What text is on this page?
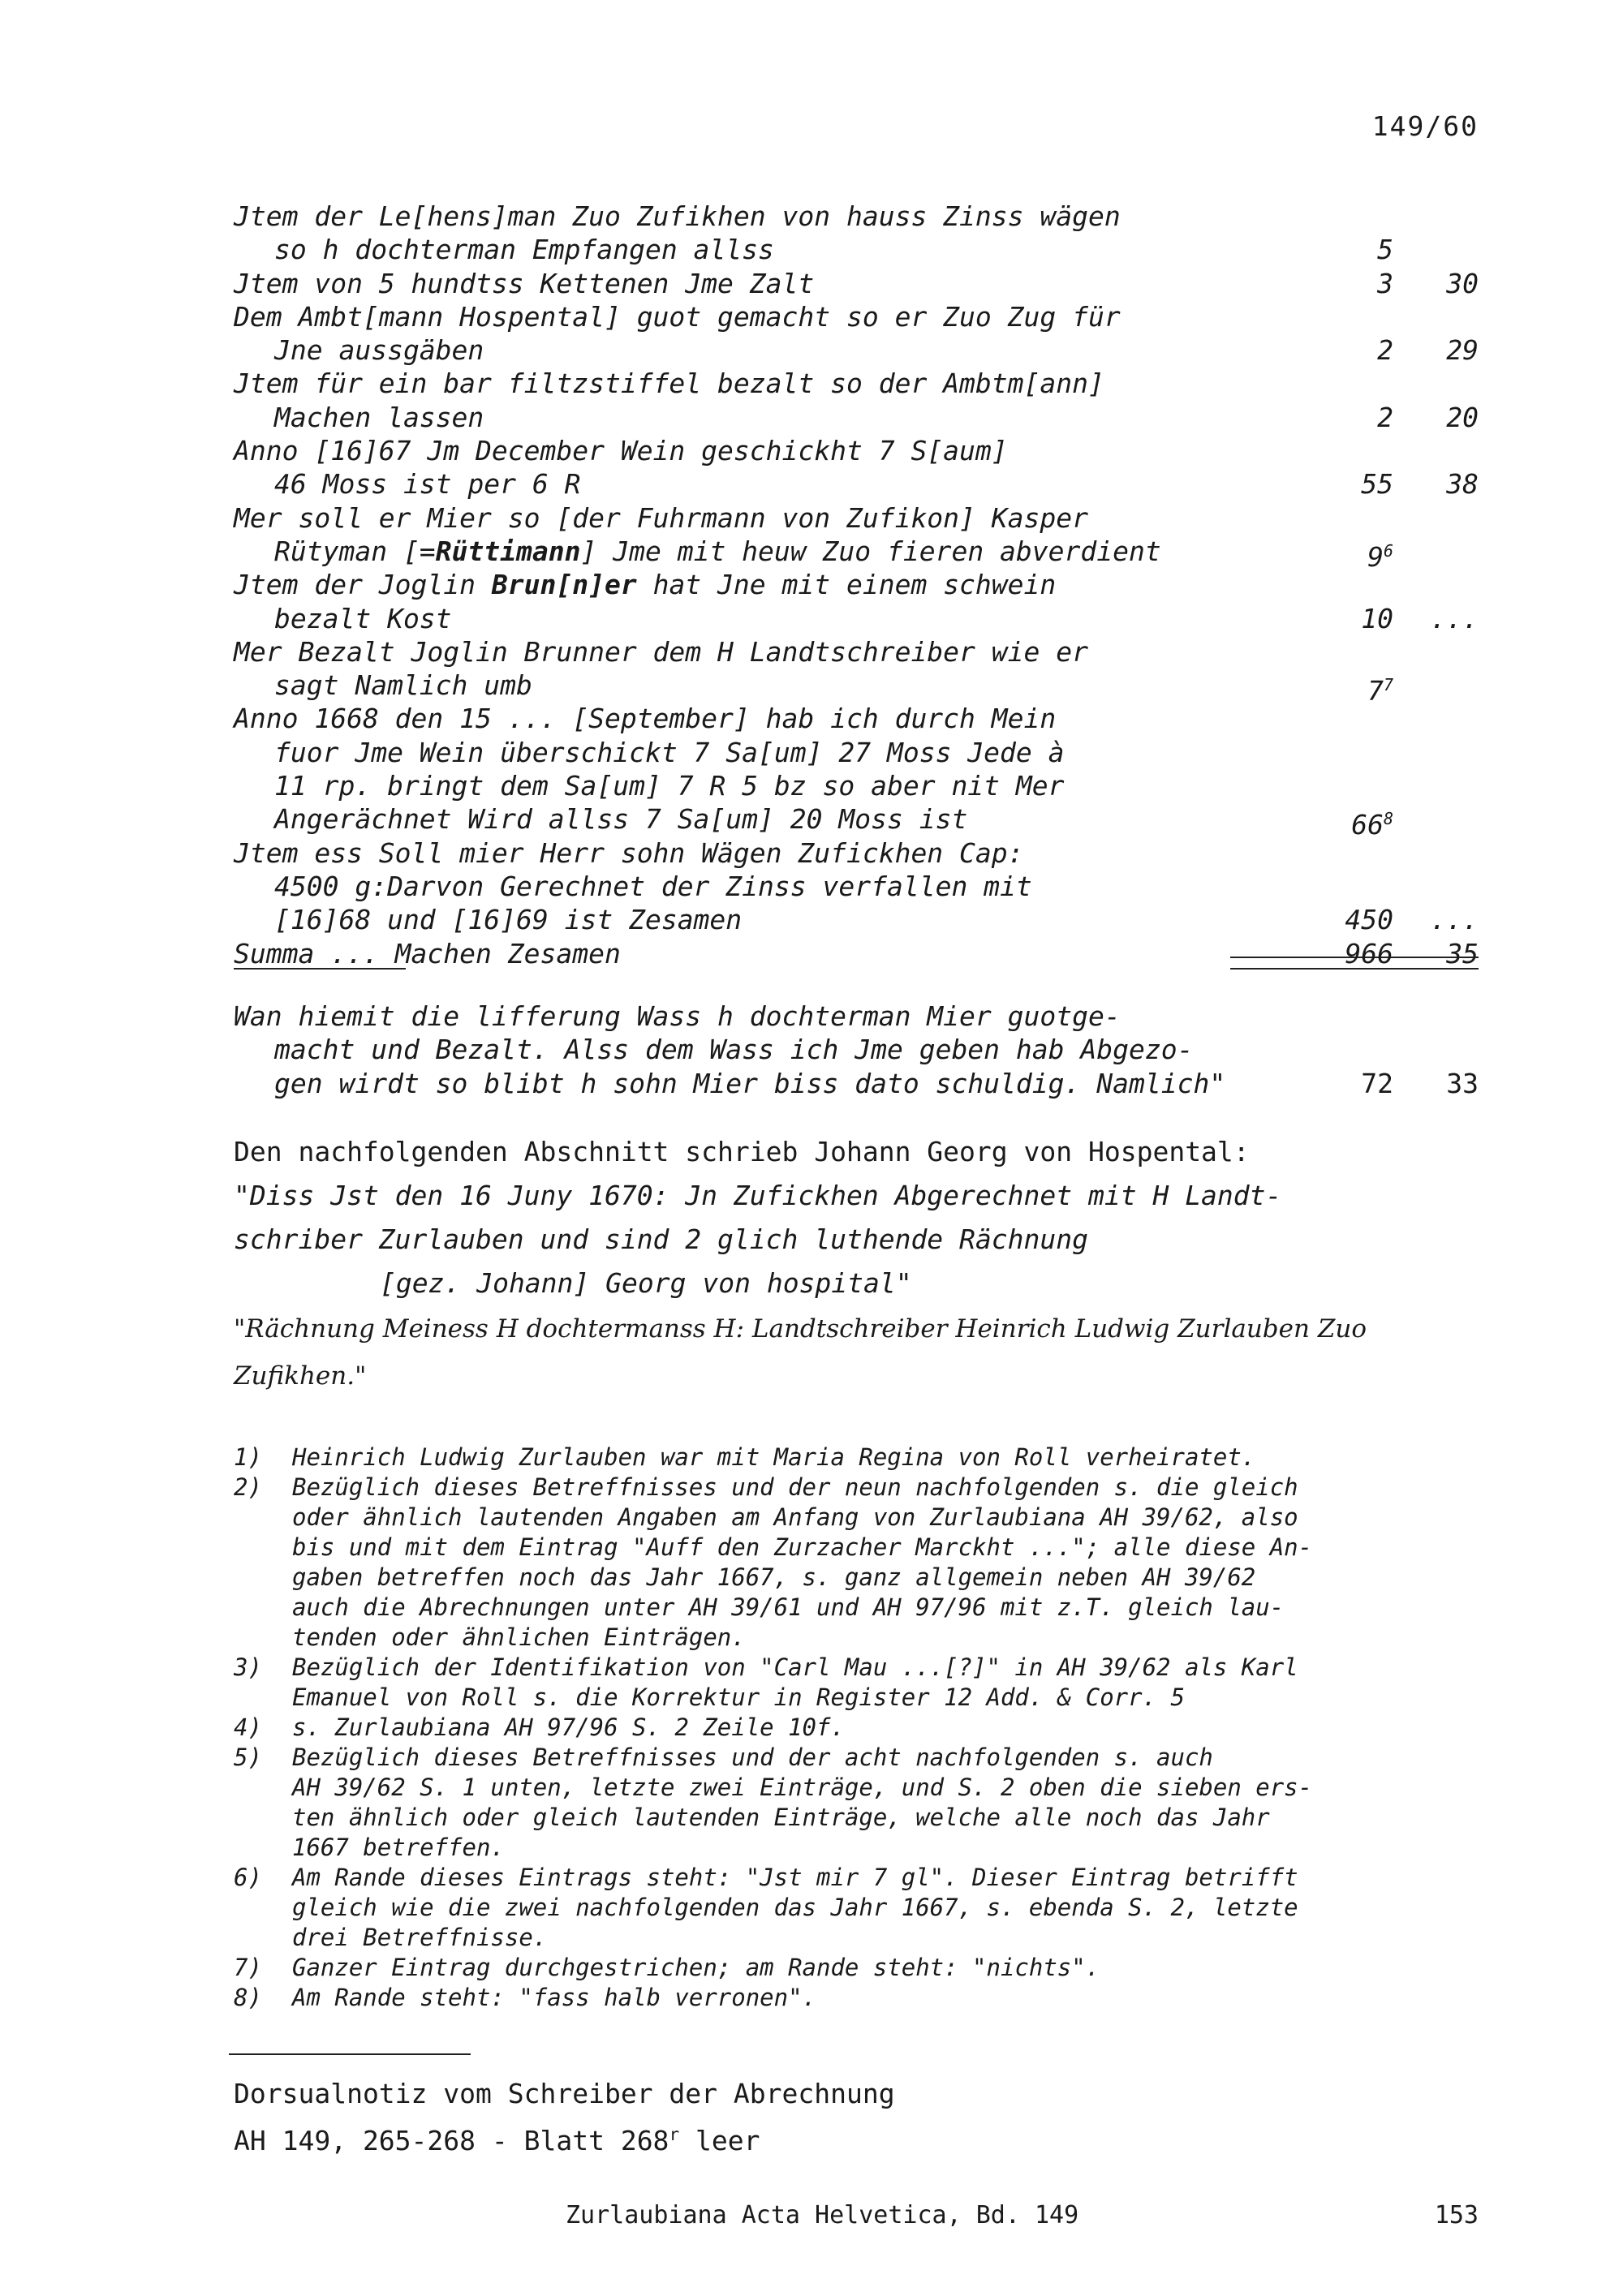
149/60
Jtem der Le[hens]man Zuo Zufikhen von hauss Zinss wägen
so h dochterman Empfangen allss	5
Jtem von 5 hundtss Kettenen Jme Zalt	3 30
Dem Ambt[mann Hospental] guot gemacht so er Zuo Zug für
Jne aussgäben	2 29
Jtem für ein bar filtzstiffel bezalt so der Ambtm[ann]
Machen lassen	2 20
Anno [16]67 Jm December Wein geschickht 7 S[aum]
46 Moss ist per 6 R	55 38
Mer soll er Mier so [der Fuhrmann von Zufikon] Kasper
Rütyman [=Rüttimann] Jme mit heuw Zuo fieren abverdient	$9^6$
Jtem der Joglin Brun[n]er hat Jne mit einem schwein
bezalt Kost	10 ...
Mer Bezalt Joglin Brunner dem H Landtschreiber wie er
sagt Namlich umb	$7^7$
Anno 1668 den 15 ... [September] hab ich durch Mein
fuor Jme Wein überschickt 7 Sa[um] 27 Moss Jede à
11 rp. bringt dem Sa[um] 7 R 5 bz so aber nit Mer
Angerächnet Wird allss 7 Sa[um] 20 Moss ist	$66^8$
Jtem ess Soll mier Herr sohn Wägen Zufickhen Cap:
4500 g:Darvon Gerechnet der Zinss verfallen mit
[16]68 und [16]69 ist Zesamen	450 ...
Summa ... Machen Zesamen	966 35
Wan hiemit die lifferung Wass h dochterman Mier guotge-
macht und Bezalt. Alss dem Wass ich Jme geben hab Abgezo-
gen wirdt so blibt h sohn Mier biss dato schuldig. Namlich"	72 33
Den nachfolgenden Abschnitt schrieb Johann Georg von Hospental:
"Diss Jst den 16 Juny 1670: Jn Zufickhen Abgerechnet mit H Landt-
schriber Zurlauben und sind 2 glich luthende Rächnung
[gez. Johann] Georg von hospital"
"Rächnung Meiness H dochtermanss H: Landtschreiber Heinrich Ludwig Zurlauben Zuo
Zufikhen."
1)	Heinrich Ludwig Zurlauben war mit Maria Regina von Roll verheiratet.
2)	Bezüglich dieses Betreffnisses und der neun nachfolgenden s. die gleich
oder ähnlich lautenden Angaben am Anfang von Zurlaubiana AH 39/62, also
bis und mit dem Eintrag "Auff den Zurzacher Marckht ..."; alle diese An-
gaben betreffen noch das Jahr 1667, s. ganz allgemein neben AH 39/62
auch die Abrechnungen unter AH 39/61 und AH 97/96 mit z.T. gleich lau-
tenden oder ähnlichen Einträgen.
3)	Bezüglich der Identifikation von "Carl Mau ...[?]" in AH 39/62 als Karl
Emanuel von Roll s. die Korrektur in Register 12 Add. & Corr. 5
4)	s. Zurlaubiana AH 97/96 S. 2 Zeile 10f.
5)	Bezüglich dieses Betreffnisses und der acht nachfolgenden s. auch
AH 39/62 S. 1 unten, letzte zwei Einträge, und S. 2 oben die sieben ers-
ten ähnlich oder gleich lautenden Einträge, welche alle noch das Jahr
1667 betreffen.
6)	Am Rande dieses Eintrags steht: "Jst mir 7 gl". Dieser Eintrag betrifft
gleich wie die zwei nachfolgenden das Jahr 1667, s. ebenda S. 2, letzte
drei Betreffnisse.
7)	Ganzer Eintrag durchgestrichen; am Rande steht: "nichts".
8)	Am Rande steht: "fass halb verronen".
Dorsualnotiz vom Schreiber der Abrechnung
AH 149, 265-268 - Blatt 268$^r$ leer
Zurlaubiana Acta Helvetica, Bd. 149	153
